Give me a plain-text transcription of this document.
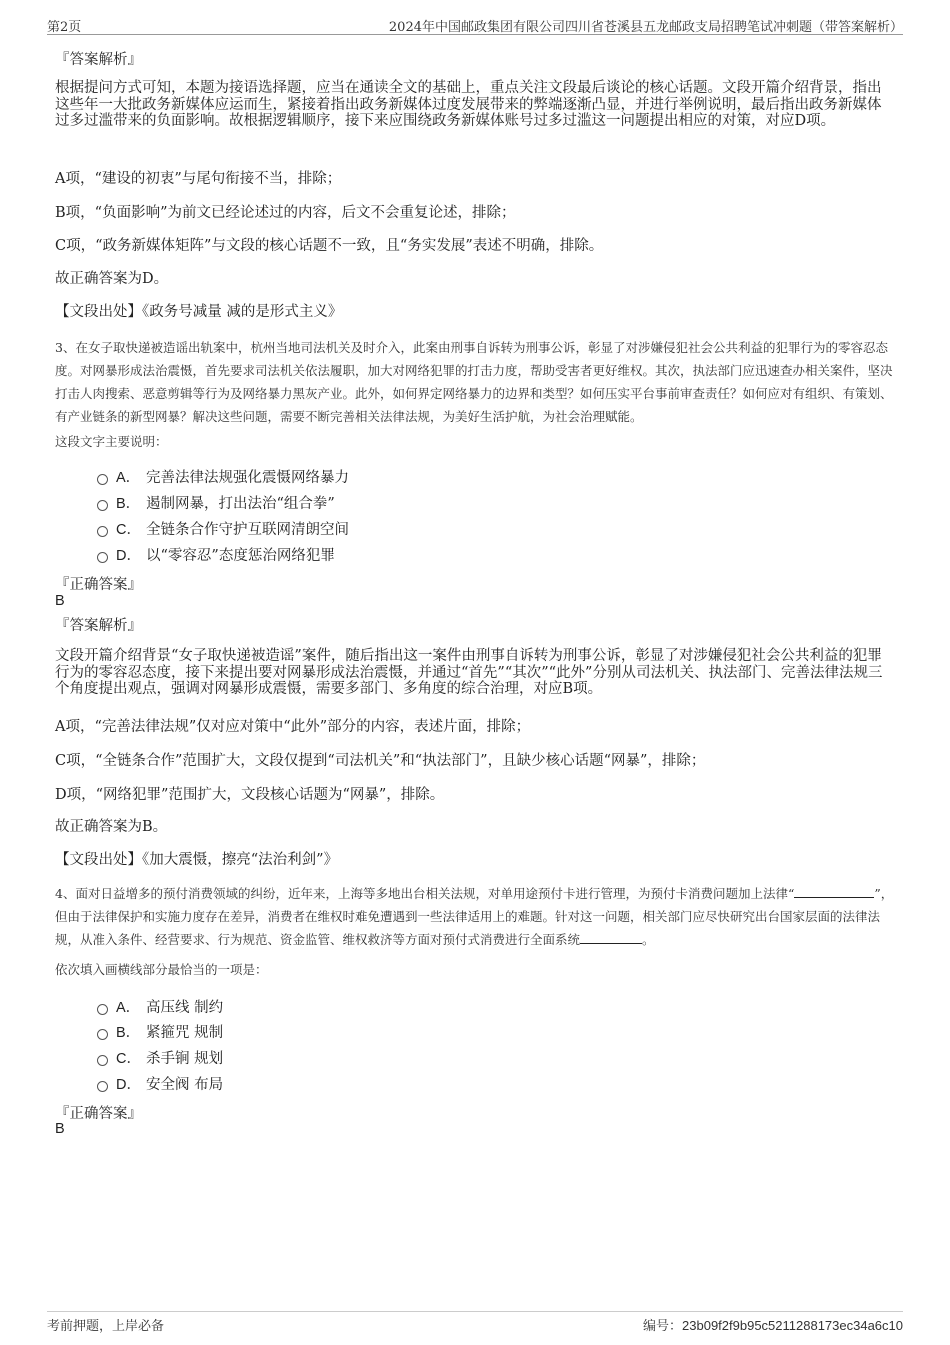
第2页	2024年中国邮政集团有限公司四川省苍溪县五龙邮政支局招聘笔试冲刺题（带答案解析）
『答案解析』

根据提问方式可知，本题为接语选择题，应当在通读全文的基础上，重点关注文段最后谈论的核心话题。文段开篇介绍背景，指出这些年一大批政务新媒体应运而生，紧接着指出政务新媒体过度发展带来的弊端逐渐凸显，并进行举例说明，最后指出政务新媒体过多过滥带来的负面影响。故根据逻辑顺序，接下来应围绕政务新媒体账号过多过滥这一问题提出相应的对策，对应D项。

A项，“建设的初衷”与尾句衔接不当，排除；

B项，“负面影响”为前文已经论述过的内容，后文不会重复论述，排除；

C项，“政务新媒体矩阵”与文段的核心话题不一致，且“务实发展”表述不明确，排除。

故正确答案为D。

【文段出处】《政务号减量 减的是形式主义》

3、在女子取快递被造谣出轨案中，杭州当地司法机关及时介入，此案由刑事自诉转为刑事公诉，彰显了对涉嫌侵犯社会公共利益的犯罪行为的零容忍态度。对网暴形成法治震慑，首先要求司法机关依法履职，加大对网络犯罪的打击力度，帮助受害者更好维权。其次，执法部门应迅速查办相关案件，坚决打击人肉搜索、恶意剪辑等行为及网络暴力黑灰产业。此外，如何界定网络暴力的边界和类型？如何压实平台事前审查责任？如何应对有组织、有策划、有产业链条的新型网暴？解决这些问题，需要不断完善相关法律法规，为美好生活护航，为社会治理赋能。

这段文字主要说明：

A． 完善法律法规强化震慑网络暴力
B． 遏制网暴，打出法治“组合拳”
C． 全链条合作守护互联网清朗空间
D． 以“零容忍”态度惩治网络犯罪
『正确答案』
B
『答案解析』

文段开篇介绍背景“女子取快递被造谣”案件，随后指出这一案件由刑事自诉转为刑事公诉，彰显了对涉嫌侵犯社会公共利益的犯罪行为的零容忍态度，接下来提出要对网暴形成法治震慑，并通过“首先”“其次”“此外”分别从司法机关、执法部门、完善法律法规三个角度提出观点，强调对网暴形成震慑，需要多部门、多角度的综合治理，对应B项。

A项，“完善法律法规”仅对应对策中“此外”部分的内容，表述片面，排除；

C项，“全链条合作”范围扩大，文段仅提到“司法机关”和“执法部门”，且缺少核心话题“网暴”，排除；

D项，“网络犯罪”范围扩大，文段核心话题为“网暴”，排除。

故正确答案为B。

【文段出处】《加大震慑，擦亮“法治利剑”》

4、面对日益增多的预付消费领域的纠纷，近年来，上海等多地出台相关法规，对单用途预付卡进行管理，为预付卡消费问题加上法律“	”，但由于法律保护和实施力度存在差异，消费者在维权时难免遭遇到一些法律适用上的难题。针对这一问题，相关部门应尽快研究出台国家层面的法律法规，从准入条件、经营要求、行为规范、资金监管、维权救济等方面对预付式消费进行全面系统	。

依次填入画横线部分最恰当的一项是：

A． 高压线 制约
B． 紧箍咒 规制
C． 杀手锏 规划
D． 安全阀 布局
『正确答案』
B
考前押题，上岸必备	编号：23b09f2f9b95c5211288173ec34a6c10
